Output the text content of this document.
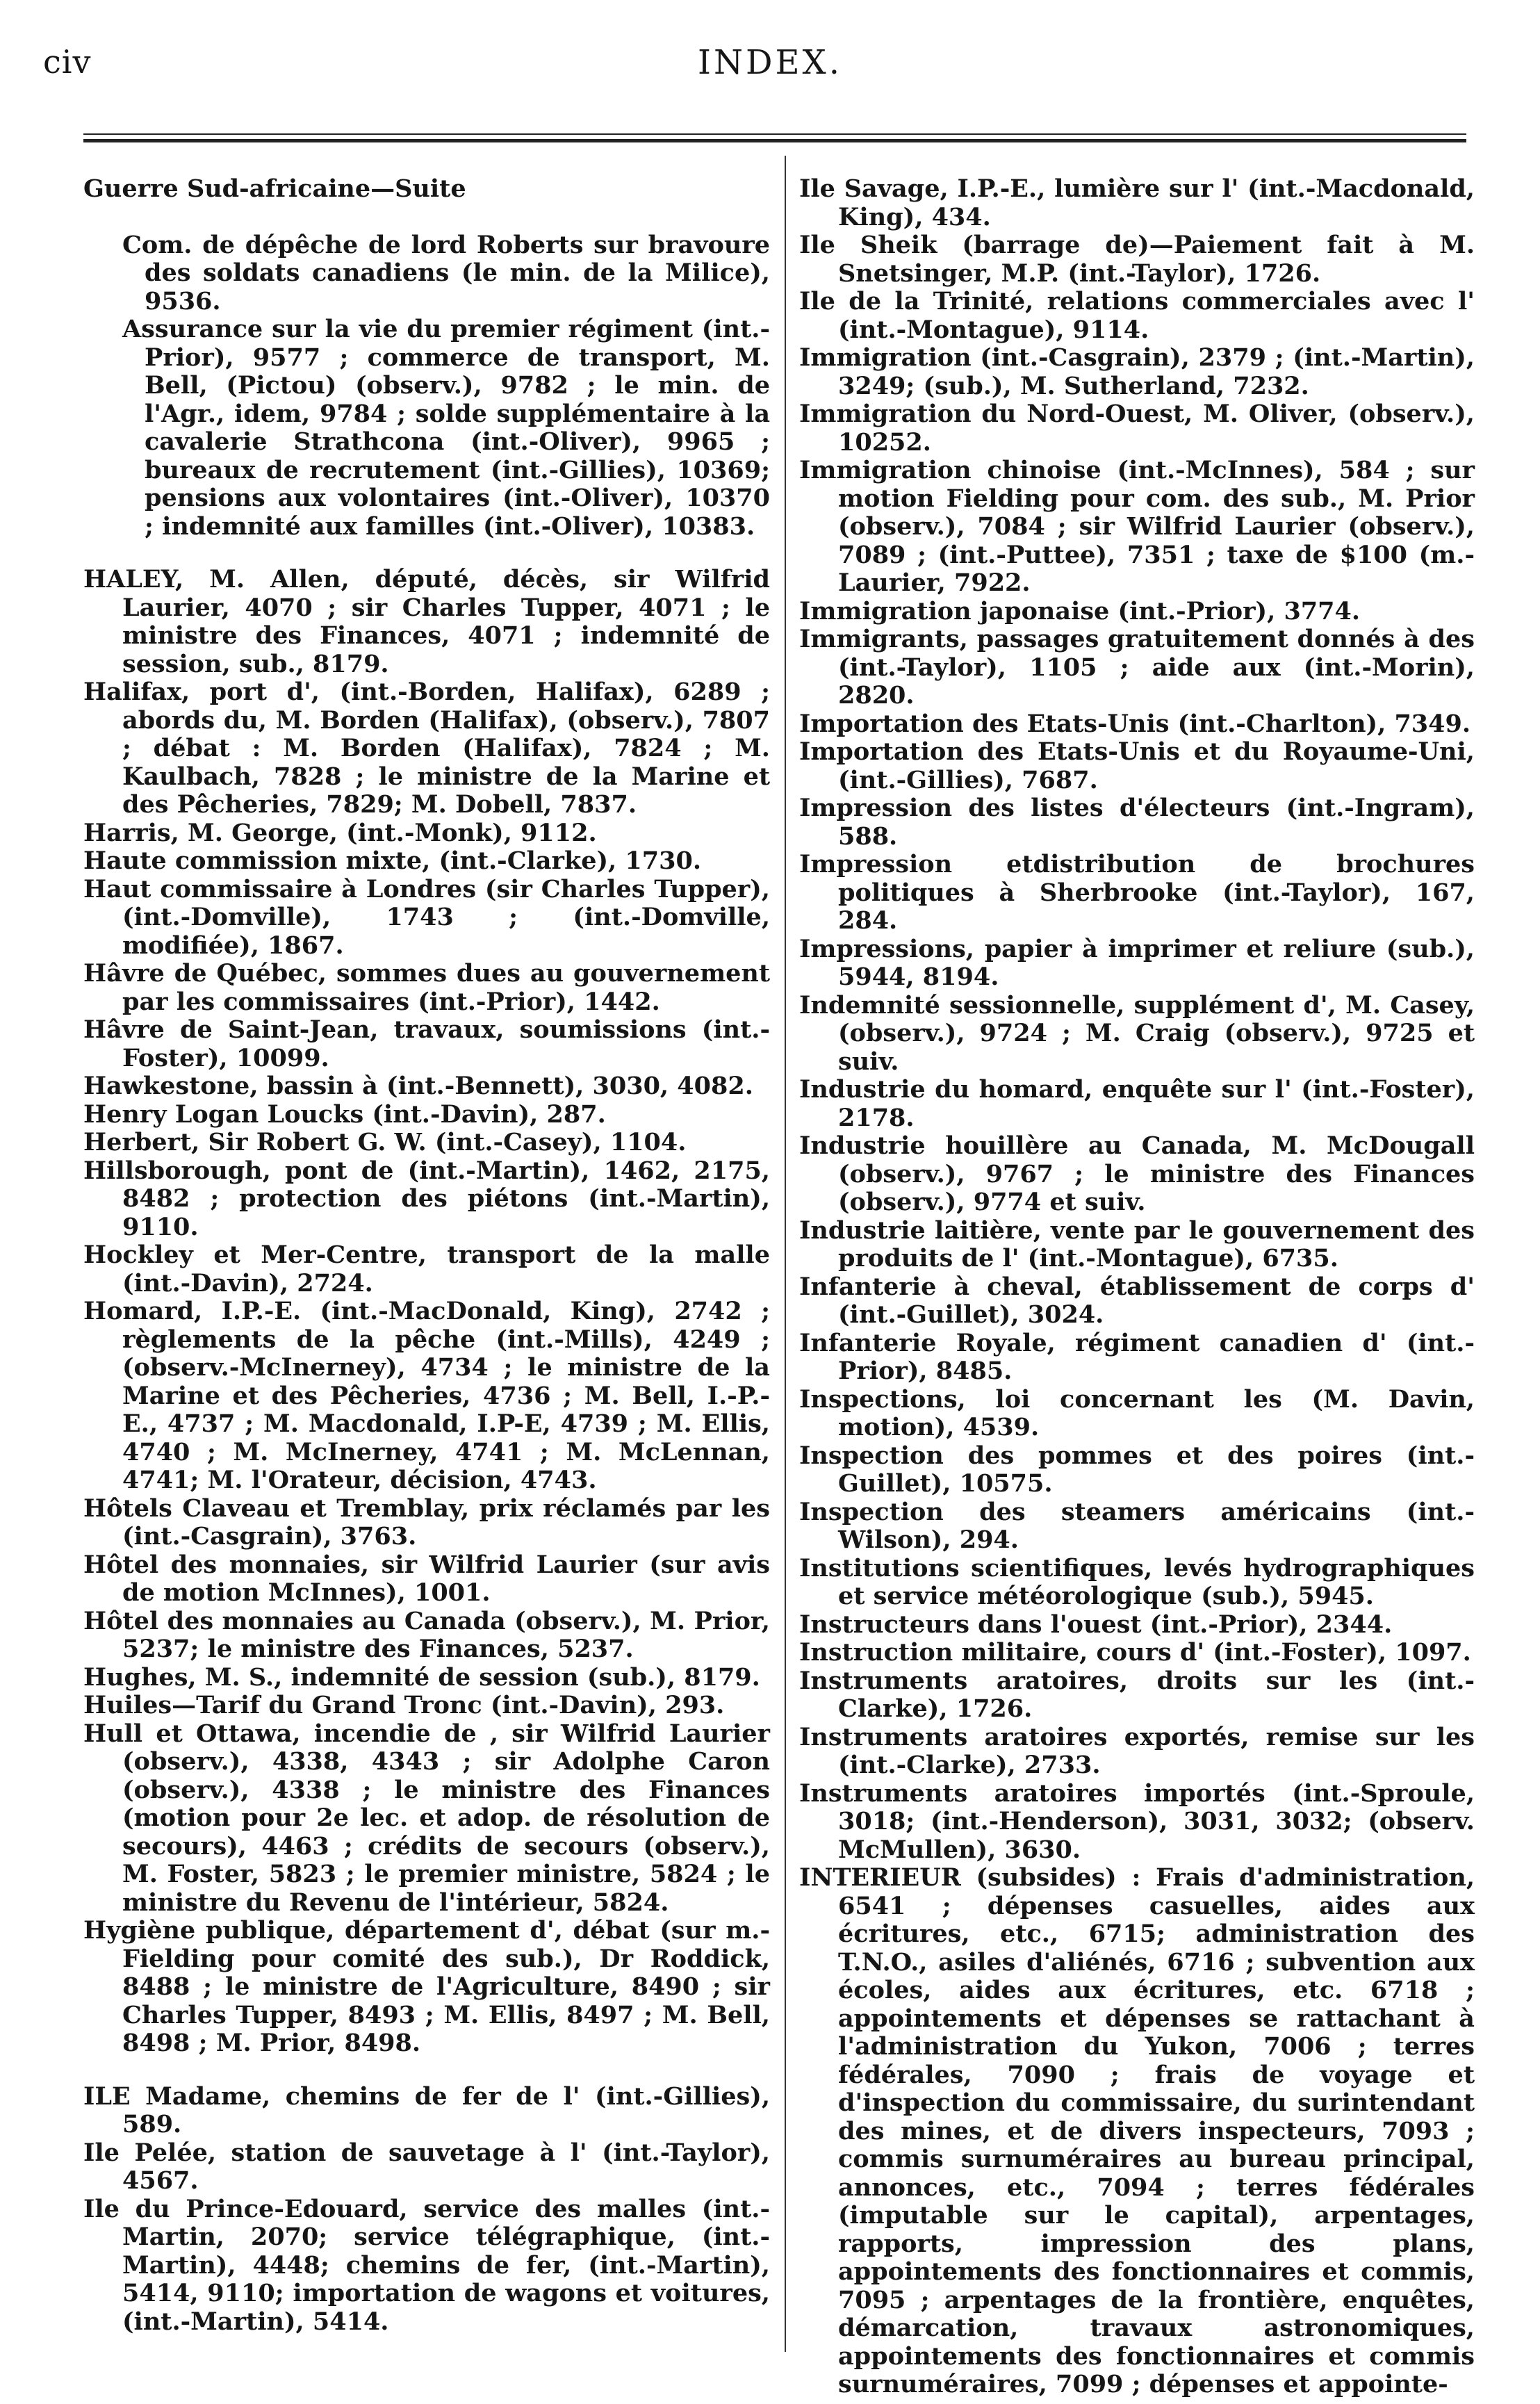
civ	INDEX.

Guerre Sud-africaine—Suite

Com. de dépêche de lord Roberts sur bravoure des soldats canadiens (le min. de la Milice), 9536.

Assurance sur la vie du premier régiment (int.-Prior), 9577 ; commerce de transport, M. Bell, (Pictou) (observ.), 9782 ; le min. de l'Agr., idem, 9784 ; solde supplémentaire à la cavalerie Strathcona (int.-Oliver), 9965 ; bureaux de recrutement (int.-Gillies), 10369; pensions aux volontaires (int.-Oliver), 10370 ; indemnité aux familles (int.-Oliver), 10383.

HALEY, M. Allen, député, décès, sir Wilfrid Laurier, 4070 ; sir Charles Tupper, 4071 ; le ministre des Finances, 4071 ; indemnité de session, sub., 8179.

Halifax, port d', (int.-Borden, Halifax), 6289 ; abords du, M. Borden (Halifax), (observ.), 7807 ; débat : M. Borden (Halifax), 7824 ; M. Kaulbach, 7828 ; le ministre de la Marine et des Pêcheries, 7829; M. Dobell, 7837.

Harris, M. George, (int.-Monk), 9112.

Haute commission mixte, (int.-Clarke), 1730.

Haut commissaire à Londres (sir Charles Tupper), (int.-Domville), 1743 ; (int.-Domville, modifiée), 1867.

Hâvre de Québec, sommes dues au gouvernement par les commissaires (int.-Prior), 1442.

Hâvre de Saint-Jean, travaux, soumissions (int.-Foster), 10099.

Hawkestone, bassin à (int.-Bennett), 3030, 4082.

Henry Logan Loucks (int.-Davin), 287.

Herbert, Sir Robert G. W. (int.-Casey), 1104.

Hillsborough, pont de (int.-Martin), 1462, 2175, 8482 ; protection des piétons (int.-Martin), 9110.

Hockley et Mer-Centre, transport de la malle (int.-Davin), 2724.

Homard, I.P.-E. (int.-MacDonald, King), 2742 ; règlements de la pêche (int.-Mills), 4249 ; (observ.-McInerney), 4734 ; le ministre de la Marine et des Pêcheries, 4736 ; M. Bell, I.-P.-E., 4737 ; M. Macdonald, I.P-E, 4739 ; M. Ellis, 4740 ; M. McInerney, 4741 ; M. McLennan, 4741; M. l'Orateur, décision, 4743.

Hôtels Claveau et Tremblay, prix réclamés par les (int.-Casgrain), 3763.

Hôtel des monnaies, sir Wilfrid Laurier (sur avis de motion McInnes), 1001.

Hôtel des monnaies au Canada (observ.), M. Prior, 5237; le ministre des Finances, 5237.

Hughes, M. S., indemnité de session (sub.), 8179.

Huiles—Tarif du Grand Tronc (int.-Davin), 293.

Hull et Ottawa, incendie de , sir Wilfrid Laurier (observ.), 4338, 4343 ; sir Adolphe Caron (observ.), 4338 ; le ministre des Finances (motion pour 2e lec. et adop. de résolution de secours), 4463 ; crédits de secours (observ.), M. Foster, 5823 ; le premier ministre, 5824 ; le ministre du Revenu de l'intérieur, 5824.

Hygiène publique, département d', débat (sur m.-Fielding pour comité des sub.), Dr Roddick, 8488 ; le ministre de l'Agriculture, 8490 ; sir Charles Tupper, 8493 ; M. Ellis, 8497 ; M. Bell, 8498 ; M. Prior, 8498.

ILE Madame, chemins de fer de l' (int.-Gillies), 589.

Ile Pelée, station de sauvetage à l' (int.-Taylor), 4567.

Ile du Prince-Edouard, service des malles (int.-Martin, 2070; service télégraphique, (int.-Martin), 4448; chemins de fer, (int.-Martin), 5414, 9110; importation de wagons et voitures, (int.-Martin), 5414.

Ile Savage, I.P.-E., lumière sur l' (int.-Macdonald, King), 434.

Ile Sheik (barrage de)—Paiement fait à M. Snetsinger, M.P. (int.-Taylor), 1726.

Ile de la Trinité, relations commerciales avec l' (int.-Montague), 9114.

Immigration (int.-Casgrain), 2379 ; (int.-Martin), 3249; (sub.), M. Sutherland, 7232.

Immigration du Nord-Ouest, M. Oliver, (observ.), 10252.

Immigration chinoise (int.-McInnes), 584 ; sur motion Fielding pour com. des sub., M. Prior (observ.), 7084 ; sir Wilfrid Laurier (observ.), 7089 ; (int.-Puttee), 7351 ; taxe de $100 (m.-Laurier, 7922.

Immigration japonaise (int.-Prior), 3774.

Immigrants, passages gratuitement donnés à des (int.-Taylor), 1105 ; aide aux (int.-Morin), 2820.

Importation des Etats-Unis (int.-Charlton), 7349.

Importation des Etats-Unis et du Royaume-Uni, (int.-Gillies), 7687.

Impression des listes d'électeurs (int.-Ingram), 588.

Impression etdistribution de brochures politiques à Sherbrooke (int.-Taylor), 167, 284.

Impressions, papier à imprimer et reliure (sub.), 5944, 8194.

Indemnité sessionnelle, supplément d', M. Casey, (observ.), 9724 ; M. Craig (observ.), 9725 et suiv.

Industrie du homard, enquête sur l' (int.-Foster), 2178.

Industrie houillère au Canada, M. McDougall (observ.), 9767 ; le ministre des Finances (observ.), 9774 et suiv.

Industrie laitière, vente par le gouvernement des produits de l' (int.-Montague), 6735.

Infanterie à cheval, établissement de corps d' (int.-Guillet), 3024.

Infanterie Royale, régiment canadien d' (int.-Prior), 8485.

Inspections, loi concernant les (M. Davin, motion), 4539.

Inspection des pommes et des poires (int.-Guillet), 10575.

Inspection des steamers américains (int.-Wilson), 294.

Institutions scientifiques, levés hydrographiques et service météorologique (sub.), 5945.

Instructeurs dans l'ouest (int.-Prior), 2344.

Instruction militaire, cours d' (int.-Foster), 1097.

Instruments aratoires, droits sur les (int.-Clarke), 1726.

Instruments aratoires exportés, remise sur les (int.-Clarke), 2733.

Instruments aratoires importés (int.-Sproule, 3018; (int.-Henderson), 3031, 3032; (observ. McMullen), 3630.

INTERIEUR (subsides) : Frais d'administration, 6541 ; dépenses casuelles, aides aux écritures, etc., 6715; administration des T.N.O., asiles d'aliénés, 6716 ; subvention aux écoles, aides aux écritures, etc. 6718 ; appointements et dépenses se rattachant à l'administration du Yukon, 7006 ; terres fédérales, 7090 ; frais de voyage et d'inspection du commissaire, du surintendant des mines, et de divers inspecteurs, 7093 ; commis surnuméraires au bureau principal, annonces, etc., 7094 ; terres fédérales (imputable sur le capital), arpentages, rapports, impression des plans, appointements des fonctionnaires et commis, 7095 ; arpentages de la frontière, enquêtes, démarcation, travaux astronomiques, appointements des fonctionnaires et commis surnuméraires, 7099 ; dépenses et appointe-
